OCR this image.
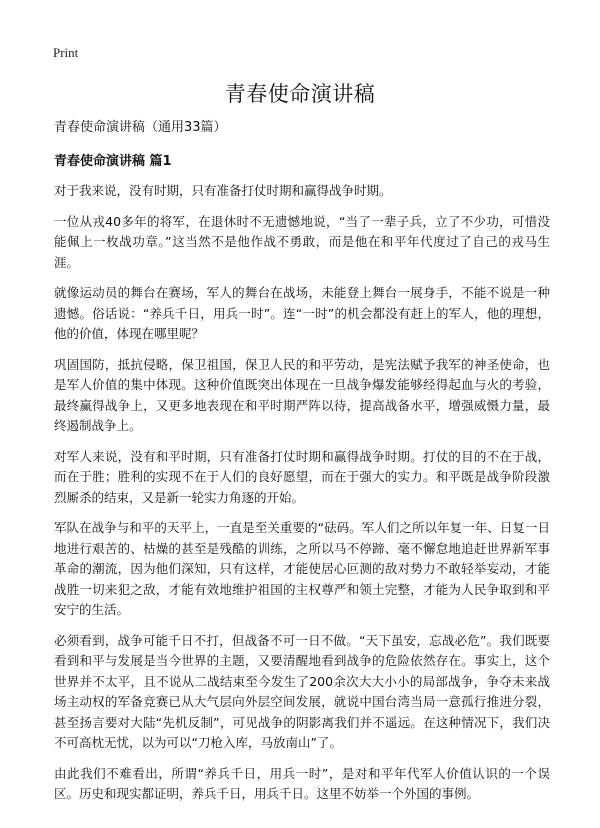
Print
青春使命演讲稿

青春使命演讲稿（通用33篇）

青春使命演讲稿 篇1

对于我来说，没有时期，只有准备打仗时期和赢得战争时期。

一位从戎40多年的将军，在退休时不无遗憾地说，“当了一辈子兵，立了不少功，可惜没能佩上一枚战功章。”这当然不是他作战不勇敢，而是他在和平年代度过了自己的戎马生涯。

就像运动员的舞台在赛场，军人的舞台在战场，未能登上舞台一展身手，不能不说是一种遗憾。俗话说：“养兵千日，用兵一时”。连“一时”的机会都没有赶上的军人，他的理想，他的价值，体现在哪里呢？

巩固国防，抵抗侵略，保卫祖国，保卫人民的和平劳动，是宪法赋予我军的神圣使命，也是军人价值的集中体现。这种价值既突出体现在一旦战争爆发能够经得起血与火的考验，最终赢得战争上，又更多地表现在和平时期严阵以待，提高战备水平，增强威慑力量，最终遏制战争上。

对军人来说，没有和平时期，只有准备打仗时期和赢得战争时期。打仗的目的不在于战，而在于胜；胜利的实现不在于人们的良好愿望，而在于强大的实力。和平既是战争阶段激烈厮杀的结束，又是新一轮实力角逐的开始。

军队在战争与和平的天平上，一直是至关重要的“砝码。军人们之所以年复一年、日复一日地进行艰苦的、枯燥的甚至是残酷的训练，之所以马不停蹄、毫不懈怠地追赶世界新军事革命的潮流，因为他们深知，只有这样，才能使居心叵测的敌对势力不敢轻举妄动，才能战胜一切来犯之敌，才能有效地维护祖国的主权尊严和领土完整，才能为人民争取到和平安宁的生活。

必须看到，战争可能千日不打，但战备不可一日不做。“天下虽安，忘战必危”。我们既要看到和平与发展是当今世界的主题，又要清醒地看到战争的危险依然存在。事实上，这个世界并不太平，且不说从二战结束至今发生了200余次大大小小的局部战争，争夺未来战场主动权的军备竞赛已从大气层向外层空间发展，就说中国台湾当局一意孤行推进分裂，甚至扬言要对大陆“先机反制”，可见战争的阴影离我们并不遥远。在这种情况下，我们决不可高枕无忧，以为可以“刀枪入库，马放南山”了。

由此我们不难看出，所谓“养兵千日，用兵一时”，是对和平年代军人价值认识的一个误区。历史和现实都证明，养兵千日，用兵千日。这里不妨举一个外国的事例。
